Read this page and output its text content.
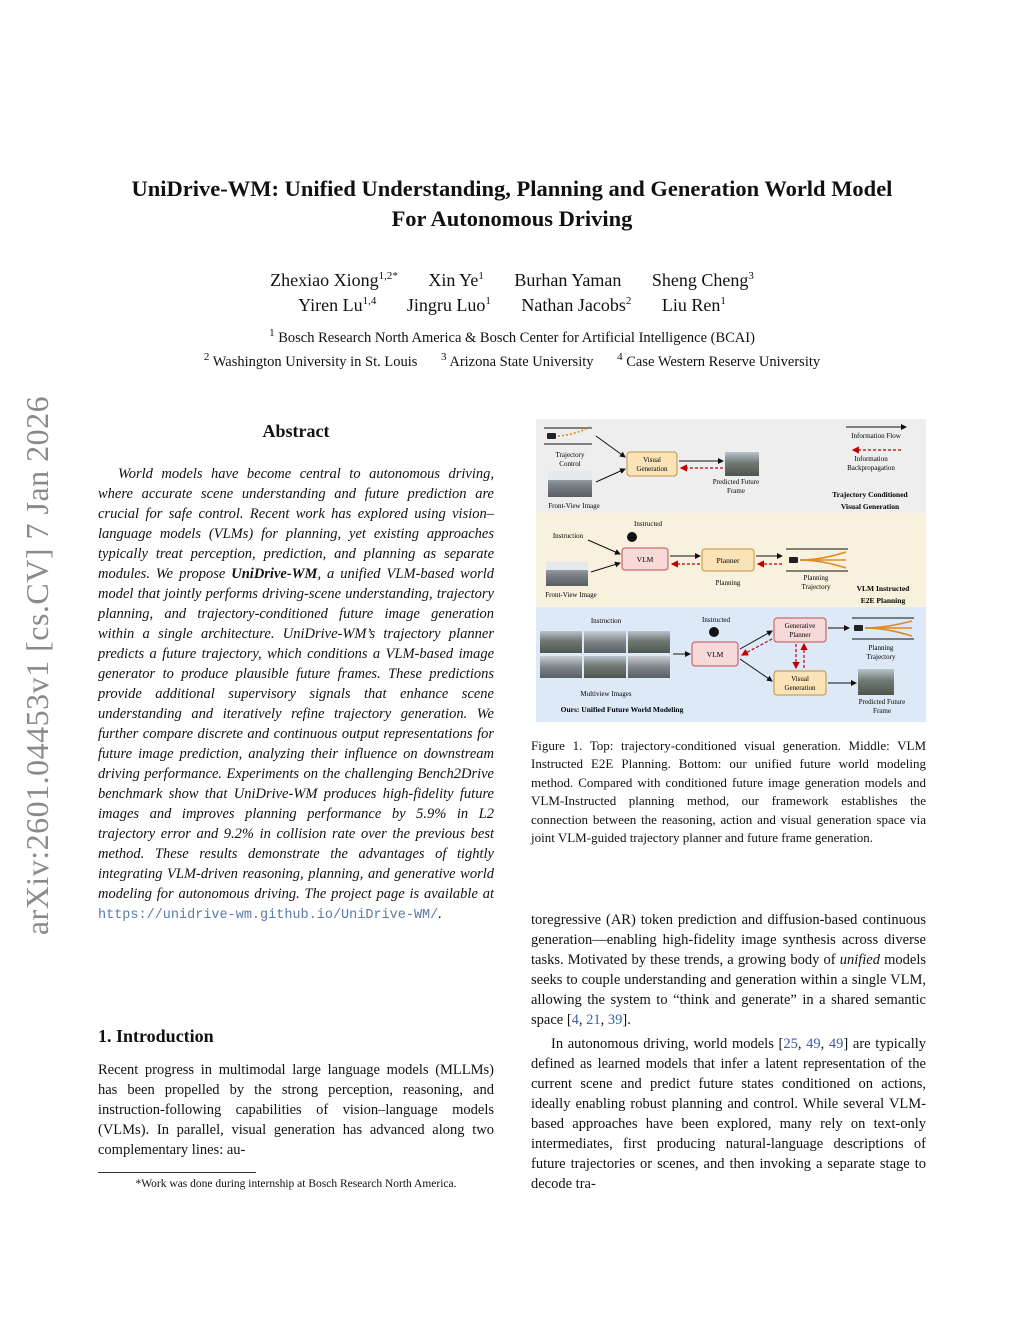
arXiv:2601.04453v1 [cs.CV] 7 Jan 2026
UniDrive-WM: Unified Understanding, Planning and Generation World Model
For Autonomous Driving
Zhexiao Xiong$^{1,2*}$ Xin Ye$^1$ Burhan Yaman Sheng Cheng$^3$
Yiren Lu$^{1,4}$ Jingru Luo$^1$ Nathan Jacobs$^2$ Liu Ren$^1$
$^1$ Bosch Research North America & Bosch Center for Artificial Intelligence (BCAI)
$^2$ Washington University in St. Louis $^3$ Arizona State University $^4$ Case Western Reserve University
Abstract
World models have become central to autonomous driving, where accurate scene understanding and future prediction are crucial for safe control. Recent work has explored using vision–language models (VLMs) for planning, yet existing approaches typically treat perception, prediction, and planning as separate modules. We propose UniDrive-WM, a unified VLM-based world model that jointly performs driving-scene understanding, trajectory planning, and trajectory-conditioned future image generation within a single architecture. UniDrive-WM’s trajectory planner predicts a future trajectory, which conditions a VLM-based image generator to produce plausible future frames. These predictions provide additional supervisory signals that enhance scene understanding and iteratively refine trajectory generation. We further compare discrete and continuous output representations for future image prediction, analyzing their influence on downstream driving performance. Experiments on the challenging Bench2Drive benchmark show that UniDrive-WM produces high-fidelity future images and improves planning performance by 5.9% in L2 trajectory error and 9.2% in collision rate over the previous best method. These results demonstrate the advantages of tightly integrating VLM-driven reasoning, planning, and generative world modeling for autonomous driving. The project page is available at https://unidrive-wm.github.io/UniDrive-WM/.
1. Introduction
Recent progress in multimodal large language models (MLLMs) has been propelled by the strong perception, reasoning, and instruction-following capabilities of vision–language models (VLMs). In parallel, visual generation has advanced along two complementary lines: au-
*Work was done during internship at Bosch Research North America.
Information Flow
Information
Backpropagation
Trajectory
Control
Front-View Image
Visual
Generation
Predicted Future
Frame	Trajectory Conditioned
Visual Generation
Instructed
Instruction
Front-View Image
VLM	Planner
Planning
Planning
Trajectory	VLM Instructed
E2E Planning
Instruction	Instructed
Multiview Images
VLM
Generative
Planner
Visual
Generation
Planning
Trajectory
Predicted Future
Frame
Ours: Unified Future World Modeling
Figure 1. Top: trajectory-conditioned visual generation. Middle: VLM Instructed E2E Planning. Bottom: our unified future world modeling method. Compared with conditioned future image generation models and VLM-Instructed planning method, our framework establishes the connection between the reasoning, action and visual generation space via joint VLM-guided trajectory planner and future frame generation.
toregressive (AR) token prediction and diffusion-based continuous generation—enabling high-fidelity image synthesis across diverse tasks. Motivated by these trends, a growing body of unified models seeks to couple understanding and generation within a single VLM, allowing the system to “think and generate” in a shared semantic space [4, 21, 39].
In autonomous driving, world models [25, 49, 49] are typically defined as learned models that infer a latent representation of the current scene and predict future states conditioned on actions, ideally enabling robust planning and control. While several VLM-based approaches have been explored, many rely on text-only intermediates, first producing natural-language descriptions of future trajectories or scenes, and then invoking a separate stage to decode tra-
